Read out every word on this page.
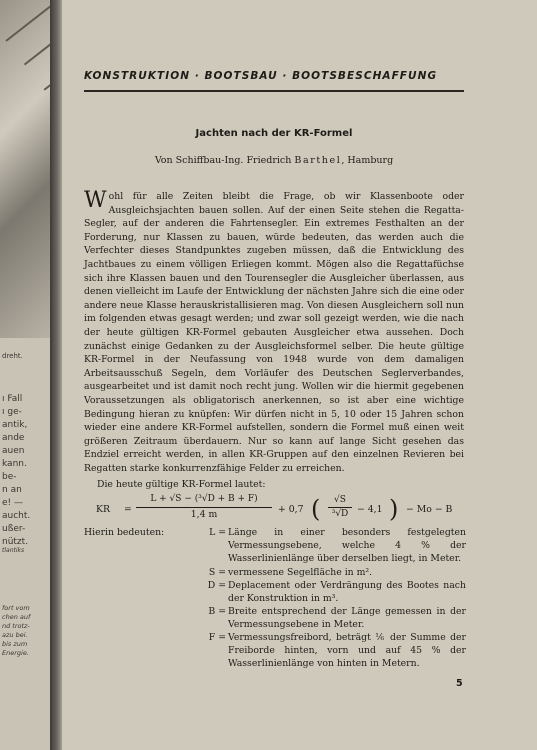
dreht.

ı Fall
ı ge-
antik,
ande
auen
kann.
be-
n an
e! —
aucht.
ußer-
nützt.

tlantiks

fort vom
chen auf
nd trotz-
azu bei.
bis zum
Energie.

KONSTRUKTION · BOOTSBAU · BOOTSBESCHAFFUNG

Jachten nach der KR-Formel

Von Schiffbau-Ing. Friedrich Barthel, Hamburg

Wohl für alle Zeiten bleibt die Frage, ob wir Klassenboote oder Ausgleichsjachten bauen sollen. Auf der einen Seite stehen die Regatta-Segler, auf der anderen die Fahrtensegler. Ein extremes Festhalten an der Forderung, nur Klassen zu bauen, würde bedeuten, das werden auch die Verfechter dieses Standpunktes zugeben müssen, daß die Entwicklung des Jachtbaues zu einem völligen Erliegen kommt. Mögen also die Regattafüchse sich ihre Klassen bauen und den Tourensegler die Ausgleicher überlassen, aus denen vielleicht im Laufe der Entwicklung der nächsten Jahre sich die eine oder andere neue Klasse herauskristallisieren mag. Von diesen Ausgleichern soll nun im folgenden etwas gesagt werden; und zwar soll gezeigt werden, wie die nach der heute gültigen KR-Formel gebauten Ausgleicher etwa aussehen. Doch zunächst einige Gedanken zu der Ausgleichsformel selber. Die heute gültige KR-Formel in der Neufassung von 1948 wurde von dem damaligen Arbeitsausschuß Segeln, dem Vorläufer des Deutschen Seglerverbandes, ausgearbeitet und ist damit noch recht jung. Wollen wir die hiermit gegebenen Voraussetzungen als obligatorisch anerkennen, so ist aber eine wichtige Bedingung hieran zu knüpfen: Wir dürfen nicht in 5, 10 oder 15 Jahren schon wieder eine andere KR-Formel aufstellen, sondern die Formel muß einen weit größeren Zeitraum überdauern. Nur so kann auf lange Sicht gesehen das Endziel erreicht werden, in allen KR-Gruppen auf den einzelnen Revieren bei Regatten starke konkurrenzfähige Felder zu erreichen.

Die heute gültige KR-Formel lautet:

KR =
L + √S − (³√D + B + F)
1,4 m	+ 0,7 (	√S
³√D − 4,1 ) − Mo − B
Hierin bedeuten:	L = Länge in einer besonders festgelegten Vermessungsebene, welche 4 % der Wasserlinienlänge über derselben liegt, in Meter.
S = vermessene Segelfläche in m².
D = Deplacement oder Verdrängung des Bootes nach der Konstruktion in m³.
B = Breite entsprechend der Länge gemessen in der Vermessungsebene in Meter.
F = Vermessungsfreibord, beträgt ⅙ der Summe der Freiborde hinten, vorn und auf 45 % der Wasserlinienlänge von hinten in Metern.

5
